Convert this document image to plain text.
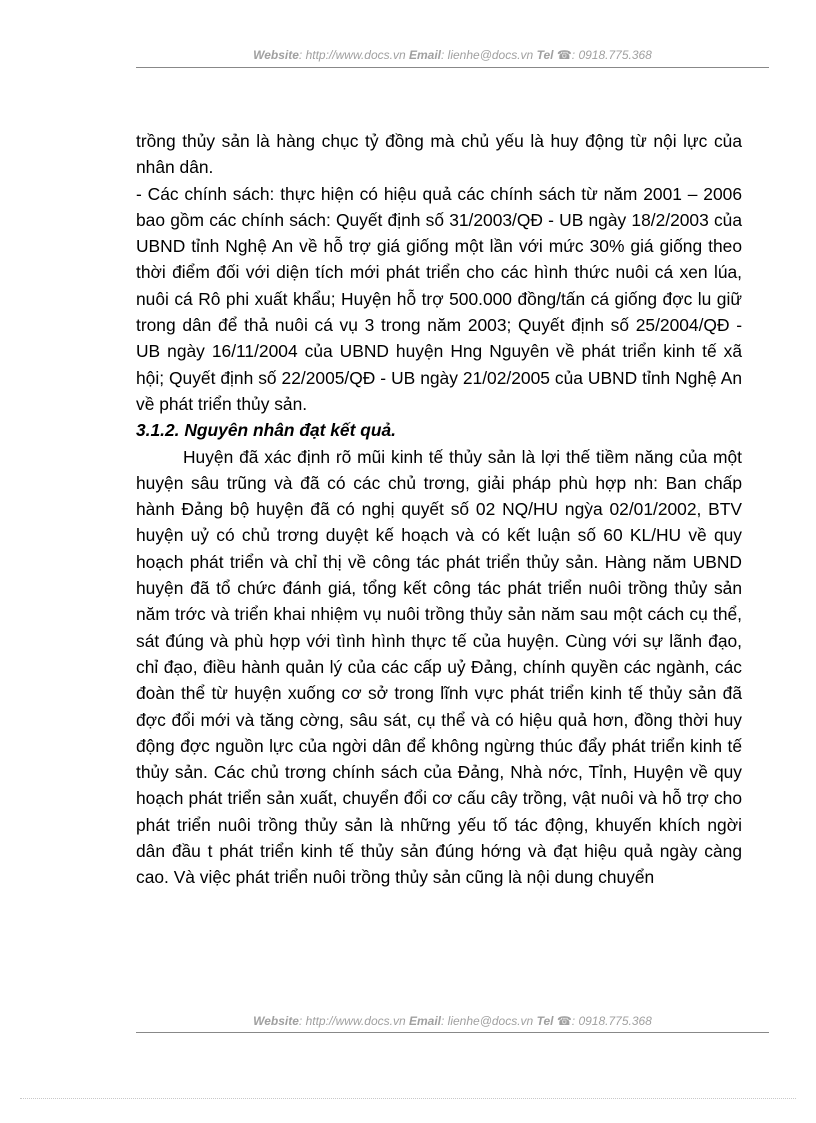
Website: http://www.docs.vn Email: lienhe@docs.vn Tel ☎: 0918.775.368

trồng thủy sản là hàng chục tỷ đồng mà chủ yếu là huy động từ nội lực của nhân dân.

- Các chính sách: thực hiện có hiệu quả các chính sách từ năm 2001 – 2006 bao gồm các chính sách: Quyết định số 31/2003/QĐ - UB ngày 18/2/2003 của UBND tỉnh Nghệ An về hỗ trợ giá giống một lần với mức 30% giá giống theo thời điểm đối với diện tích mới phát triển cho các hình thức nuôi cá xen lúa, nuôi cá Rô phi xuất khẩu; Huyện hỗ trợ 500.000 đồng/tấn cá giống đợc lu giữ trong dân để thả nuôi cá vụ 3 trong năm 2003; Quyết định số 25/2004/QĐ - UB ngày 16/11/2004 của UBND huyện Hng Nguyên về phát triển kinh tế xã hội; Quyết định số 22/2005/QĐ - UB ngày 21/02/2005 của UBND tỉnh Nghệ An về phát triển thủy sản.

3.1.2. Nguyên nhân đạt kết quả.

Huyện đã xác định rõ mũi kinh tế thủy sản là lợi thế tiềm năng của một huyện sâu trũng và đã có các chủ trơng, giải pháp phù hợp nh: Ban chấp hành Đảng bộ huyện đã có nghị quyết số 02 NQ/HU ngỳa 02/01/2002, BTV huyện uỷ có chủ trơng duyệt kế hoạch và có kết luận số 60 KL/HU về quy hoạch phát triển và chỉ thị về công tác phát triển thủy sản. Hàng năm UBND huyện đã tổ chức đánh giá, tổng kết công tác phát triển nuôi trồng thủy sản năm trớc và triển khai nhiệm vụ nuôi trồng thủy sản năm sau một cách cụ thể, sát đúng và phù hợp với tình hình thực tế của huyện. Cùng với sự lãnh đạo, chỉ đạo, điều hành quản lý của các cấp uỷ Đảng, chính quyền các ngành, các đoàn thể từ huyện xuống cơ sở trong lĩnh vực phát triển kinh tế thủy sản đã đợc đổi mới và tăng cờng, sâu sát, cụ thể và có hiệu quả hơn, đồng thời huy động đợc nguồn lực của ngời dân để không ngừng thúc đẩy phát triển kinh tế thủy sản. Các chủ trơng chính sách của Đảng, Nhà nớc, Tỉnh, Huyện về quy hoạch phát triển sản xuất, chuyển đổi cơ cấu cây trồng, vật nuôi và hỗ trợ cho phát triển nuôi trồng thủy sản là những yếu tố tác động, khuyến khích ngời dân đầu t phát triển kinh tế thủy sản đúng hớng và đạt hiệu quả ngày càng cao. Và việc phát triển nuôi trồng thủy sản cũng là nội dung chuyển

Website: http://www.docs.vn Email: lienhe@docs.vn Tel ☎: 0918.775.368
